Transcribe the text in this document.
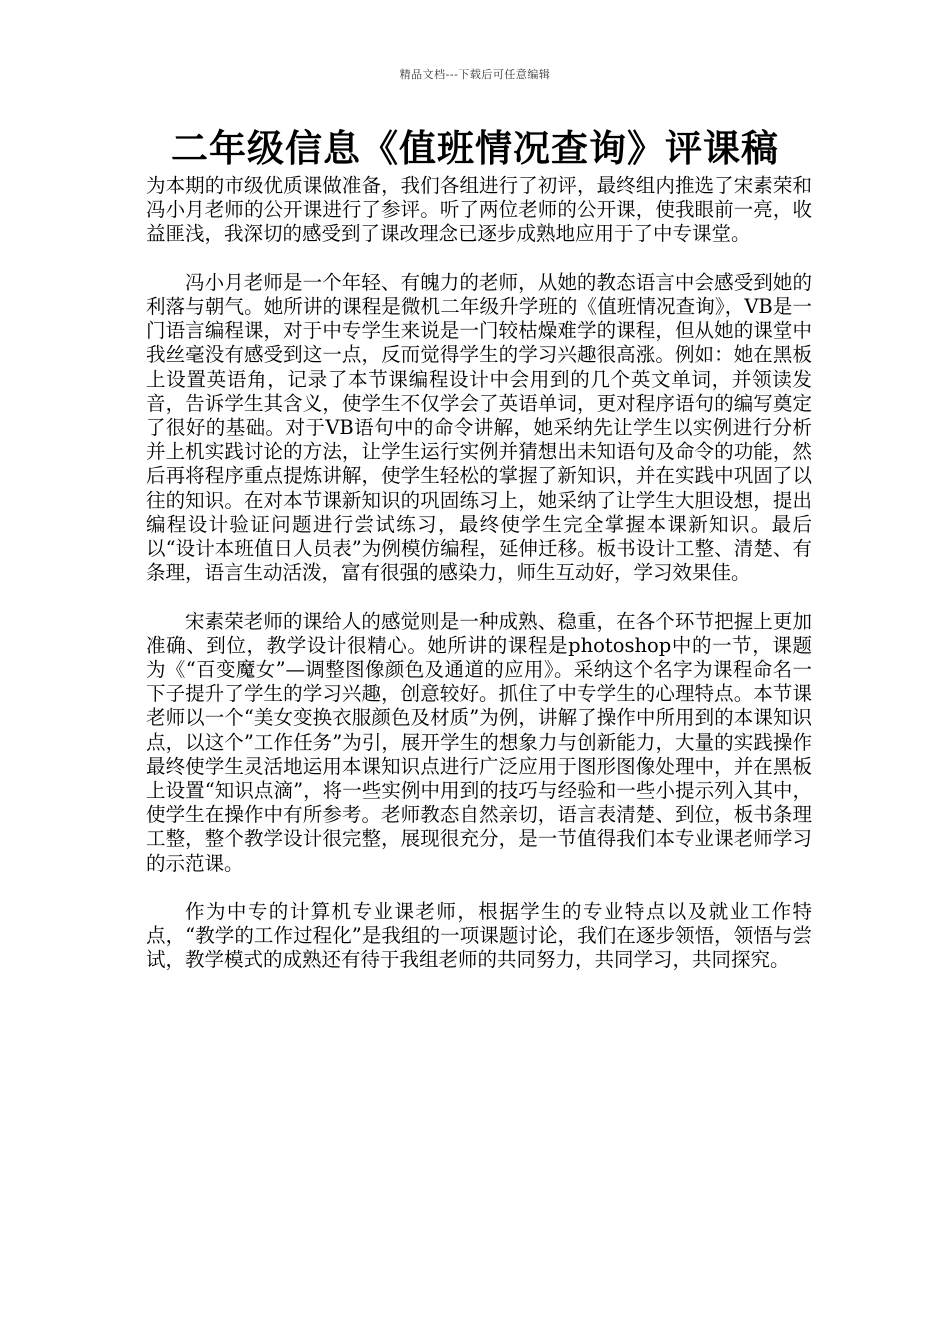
精品文档---下载后可任意编辑
二年级信息《值班情况查询》评课稿

为本期的市级优质课做准备，我们各组进行了初评，最终组内推选了宋素荣和冯小月老师的公开课进行了参评。听了两位老师的公开课，使我眼前一亮，收益匪浅，我深切的感受到了课改理念已逐步成熟地应用于了中专课堂。

冯小月老师是一个年轻、有魄力的老师，从她的教态语言中会感受到她的利落与朝气。她所讲的课程是微机二年级升学班的《值班情况查询》，VB是一门语言编程课，对于中专学生来说是一门较枯燥难学的课程，但从她的课堂中我丝毫没有感受到这一点，反而觉得学生的学习兴趣很高涨。例如：她在黑板上设置英语角，记录了本节课编程设计中会用到的几个英文单词，并领读发音，告诉学生其含义，使学生不仅学会了英语单词，更对程序语句的编写奠定了很好的基础。对于VB语句中的命令讲解，她采纳先让学生以实例进行分析并上机实践讨论的方法，让学生运行实例并猜想出未知语句及命令的功能，然后再将程序重点提炼讲解，使学生轻松的掌握了新知识，并在实践中巩固了以往的知识。在对本节课新知识的巩固练习上，她采纳了让学生大胆设想，提出编程设计验证问题进行尝试练习，最终使学生完全掌握本课新知识。最后以“设计本班值日人员表”为例模仿编程，延伸迁移。板书设计工整、清楚、有条理，语言生动活泼，富有很强的感染力，师生互动好，学习效果佳。

宋素荣老师的课给人的感觉则是一种成熟、稳重，在各个环节把握上更加准确、到位，教学设计很精心。她所讲的课程是photoshop中的一节，课题为《“百变魔女”—调整图像颜色及通道的应用》。采纳这个名字为课程命名一下子提升了学生的学习兴趣，创意较好。抓住了中专学生的心理特点。本节课老师以一个“美女变换衣服颜色及材质”为例，讲解了操作中所用到的本课知识点，以这个”工作任务”为引，展开学生的想象力与创新能力，大量的实践操作最终使学生灵活地运用本课知识点进行广泛应用于图形图像处理中，并在黑板上设置“知识点滴”，将一些实例中用到的技巧与经验和一些小提示列入其中，使学生在操作中有所参考。老师教态自然亲切，语言表清楚、到位，板书条理工整，整个教学设计很完整，展现很充分，是一节值得我们本专业课老师学习的示范课。

作为中专的计算机专业课老师，根据学生的专业特点以及就业工作特点，“教学的工作过程化”是我组的一项课题讨论，我们在逐步领悟，领悟与尝试，教学模式的成熟还有待于我组老师的共同努力，共同学习，共同探究。
